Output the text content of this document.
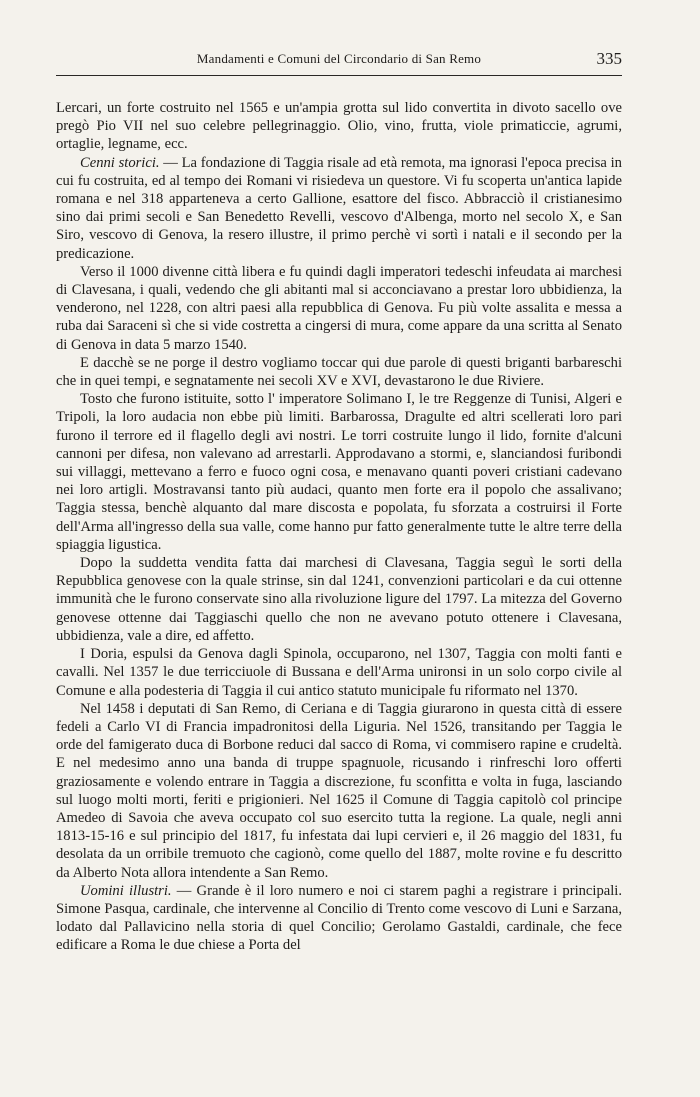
Mandamenti e Comuni del Circondario di San Remo	335

Lercari, un forte costruito nel 1565 e un'ampia grotta sul lido convertita in divoto sacello ove pregò Pio VII nel suo celebre pellegrinaggio. Olio, vino, frutta, viole primaticcie, agrumi, ortaglie, legname, ecc.

Cenni storici. — La fondazione di Taggia risale ad età remota, ma ignorasi l'epoca precisa in cui fu costruita, ed al tempo dei Romani vi risiedeva un questore. Vi fu scoperta un'antica lapide romana e nel 318 apparteneva a certo Gallione, esattore del fisco. Abbracciò il cristianesimo sino dai primi secoli e San Benedetto Revelli, vescovo d'Albenga, morto nel secolo X, e San Siro, vescovo di Genova, la resero illustre, il primo perchè vi sortì i natali e il secondo per la predicazione.

Verso il 1000 divenne città libera e fu quindi dagli imperatori tedeschi infeudata ai marchesi di Clavesana, i quali, vedendo che gli abitanti mal si acconciavano a prestar loro ubbidienza, la venderono, nel 1228, con altri paesi alla repubblica di Genova. Fu più volte assalita e messa a ruba dai Saraceni sì che si vide costretta a cingersi di mura, come appare da una scritta al Senato di Genova in data 5 marzo 1540.

E dacchè se ne porge il destro vogliamo toccar qui due parole di questi briganti barbareschi che in quei tempi, e segnatamente nei secoli XV e XVI, devastarono le due Riviere.

Tosto che furono istituite, sotto l' imperatore Solimano I, le tre Reggenze di Tunisi, Algeri e Tripoli, la loro audacia non ebbe più limiti. Barbarossa, Dragulte ed altri scellerati loro pari furono il terrore ed il flagello degli avi nostri. Le torri costruite lungo il lido, fornite d'alcuni cannoni per difesa, non valevano ad arrestarli. Approdavano a stormi, e, slanciandosi furibondi sui villaggi, mettevano a ferro e fuoco ogni cosa, e menavano quanti poveri cristiani cadevano nei loro artigli. Mostravansi tanto più audaci, quanto men forte era il popolo che assalivano; Taggia stessa, benchè alquanto dal mare discosta e popolata, fu sforzata a costruirsi il Forte dell'Arma all'ingresso della sua valle, come hanno pur fatto generalmente tutte le altre terre della spiaggia ligustica.

Dopo la suddetta vendita fatta dai marchesi di Clavesana, Taggia seguì le sorti della Repubblica genovese con la quale strinse, sin dal 1241, convenzioni particolari e da cui ottenne immunità che le furono conservate sino alla rivoluzione ligure del 1797. La mitezza del Governo genovese ottenne dai Taggiaschi quello che non ne avevano potuto ottenere i Clavesana, ubbidienza, vale a dire, ed affetto.

I Doria, espulsi da Genova dagli Spinola, occuparono, nel 1307, Taggia con molti fanti e cavalli. Nel 1357 le due terricciuole di Bussana e dell'Arma unironsi in un solo corpo civile al Comune e alla podesteria di Taggia il cui antico statuto municipale fu riformato nel 1370.

Nel 1458 i deputati di San Remo, di Ceriana e di Taggia giurarono in questa città di essere fedeli a Carlo VI di Francia impadronitosi della Liguria. Nel 1526, transitando per Taggia le orde del famigerato duca di Borbone reduci dal sacco di Roma, vi commisero rapine e crudeltà. E nel medesimo anno una banda di truppe spagnuole, ricusando i rinfreschi loro offerti graziosamente e volendo entrare in Taggia a discrezione, fu sconfitta e volta in fuga, lasciando sul luogo molti morti, feriti e prigionieri. Nel 1625 il Comune di Taggia capitolò col principe Amedeo di Savoia che aveva occupato col suo esercito tutta la regione. La quale, negli anni 1813-15-16 e sul principio del 1817, fu infestata dai lupi cervieri e, il 26 maggio del 1831, fu desolata da un orribile tremuoto che cagionò, come quello del 1887, molte rovine e fu descritto da Alberto Nota allora intendente a San Remo.

Uomini illustri. — Grande è il loro numero e noi ci starem paghi a registrare i principali. Simone Pasqua, cardinale, che intervenne al Concilio di Trento come vescovo di Luni e Sarzana, lodato dal Pallavicino nella storia di quel Concilio; Gerolamo Gastaldi, cardinale, che fece edificare a Roma le due chiese a Porta del
